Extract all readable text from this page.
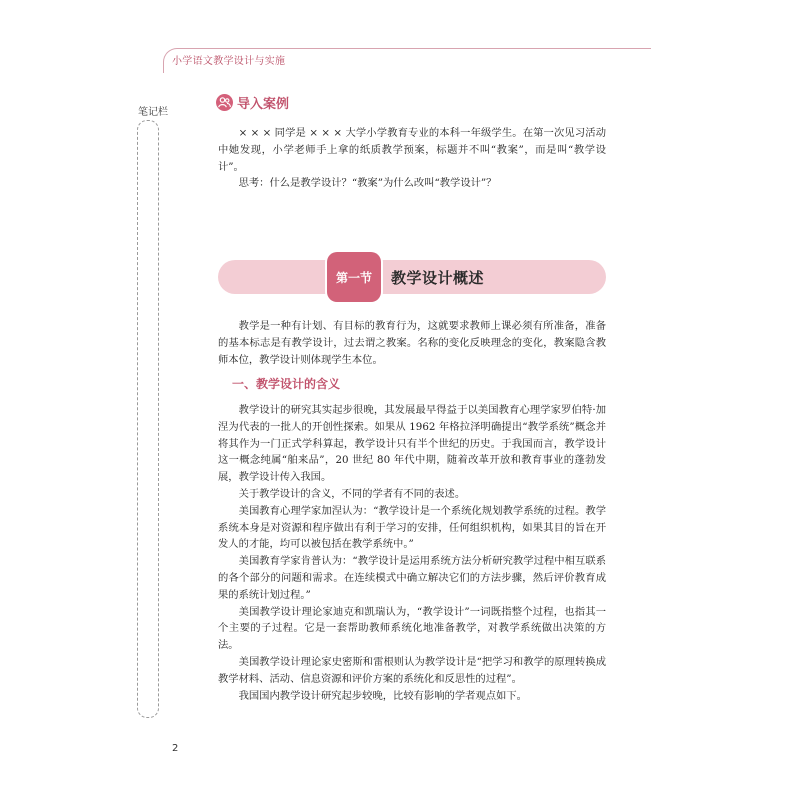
小学语文教学设计与实施
笔记栏
导入案例

× × × 同学是 × × × 大学小学教育专业的本科一年级学生。在第一次见习活动中她发现，小学老师手上拿的纸质教学预案，标题并不叫“教案”，而是叫“教学设计”。

思考：什么是教学设计？“教案”为什么改叫“教学设计”？

第一节	教学设计概述

教学是一种有计划、有目标的教育行为，这就要求教师上课必须有所准备，准备的基本标志是有教学设计，过去谓之教案。名称的变化反映理念的变化，教案隐含教师本位，教学设计则体现学生本位。

一、教学设计的含义

教学设计的研究其实起步很晚，其发展最早得益于以美国教育心理学家罗伯特·加涅为代表的一批人的开创性探索。如果从 1962 年格拉泽明确提出“教学系统”概念并将其作为一门正式学科算起，教学设计只有半个世纪的历史。于我国而言，教学设计这一概念纯属“舶来品”，20 世纪 80 年代中期，随着改革开放和教育事业的蓬勃发展，教学设计传入我国。

关于教学设计的含义，不同的学者有不同的表述。

美国教育心理学家加涅认为：“教学设计是一个系统化规划教学系统的过程。教学系统本身是对资源和程序做出有利于学习的安排，任何组织机构，如果其目的旨在开发人的才能，均可以被包括在教学系统中。”

美国教育学家肯普认为：“教学设计是运用系统方法分析研究教学过程中相互联系的各个部分的问题和需求。在连续模式中确立解决它们的方法步骤，然后评价教育成果的系统计划过程。”

美国教学设计理论家迪克和凯瑞认为，“教学设计”一词既指整个过程，也指其一个主要的子过程。它是一套帮助教师系统化地准备教学，对教学系统做出决策的方法。

美国教学设计理论家史密斯和雷根则认为教学设计是“把学习和教学的原理转换成教学材料、活动、信息资源和评价方案的系统化和反思性的过程”。

我国国内教学设计研究起步较晚，比较有影响的学者观点如下。

2
